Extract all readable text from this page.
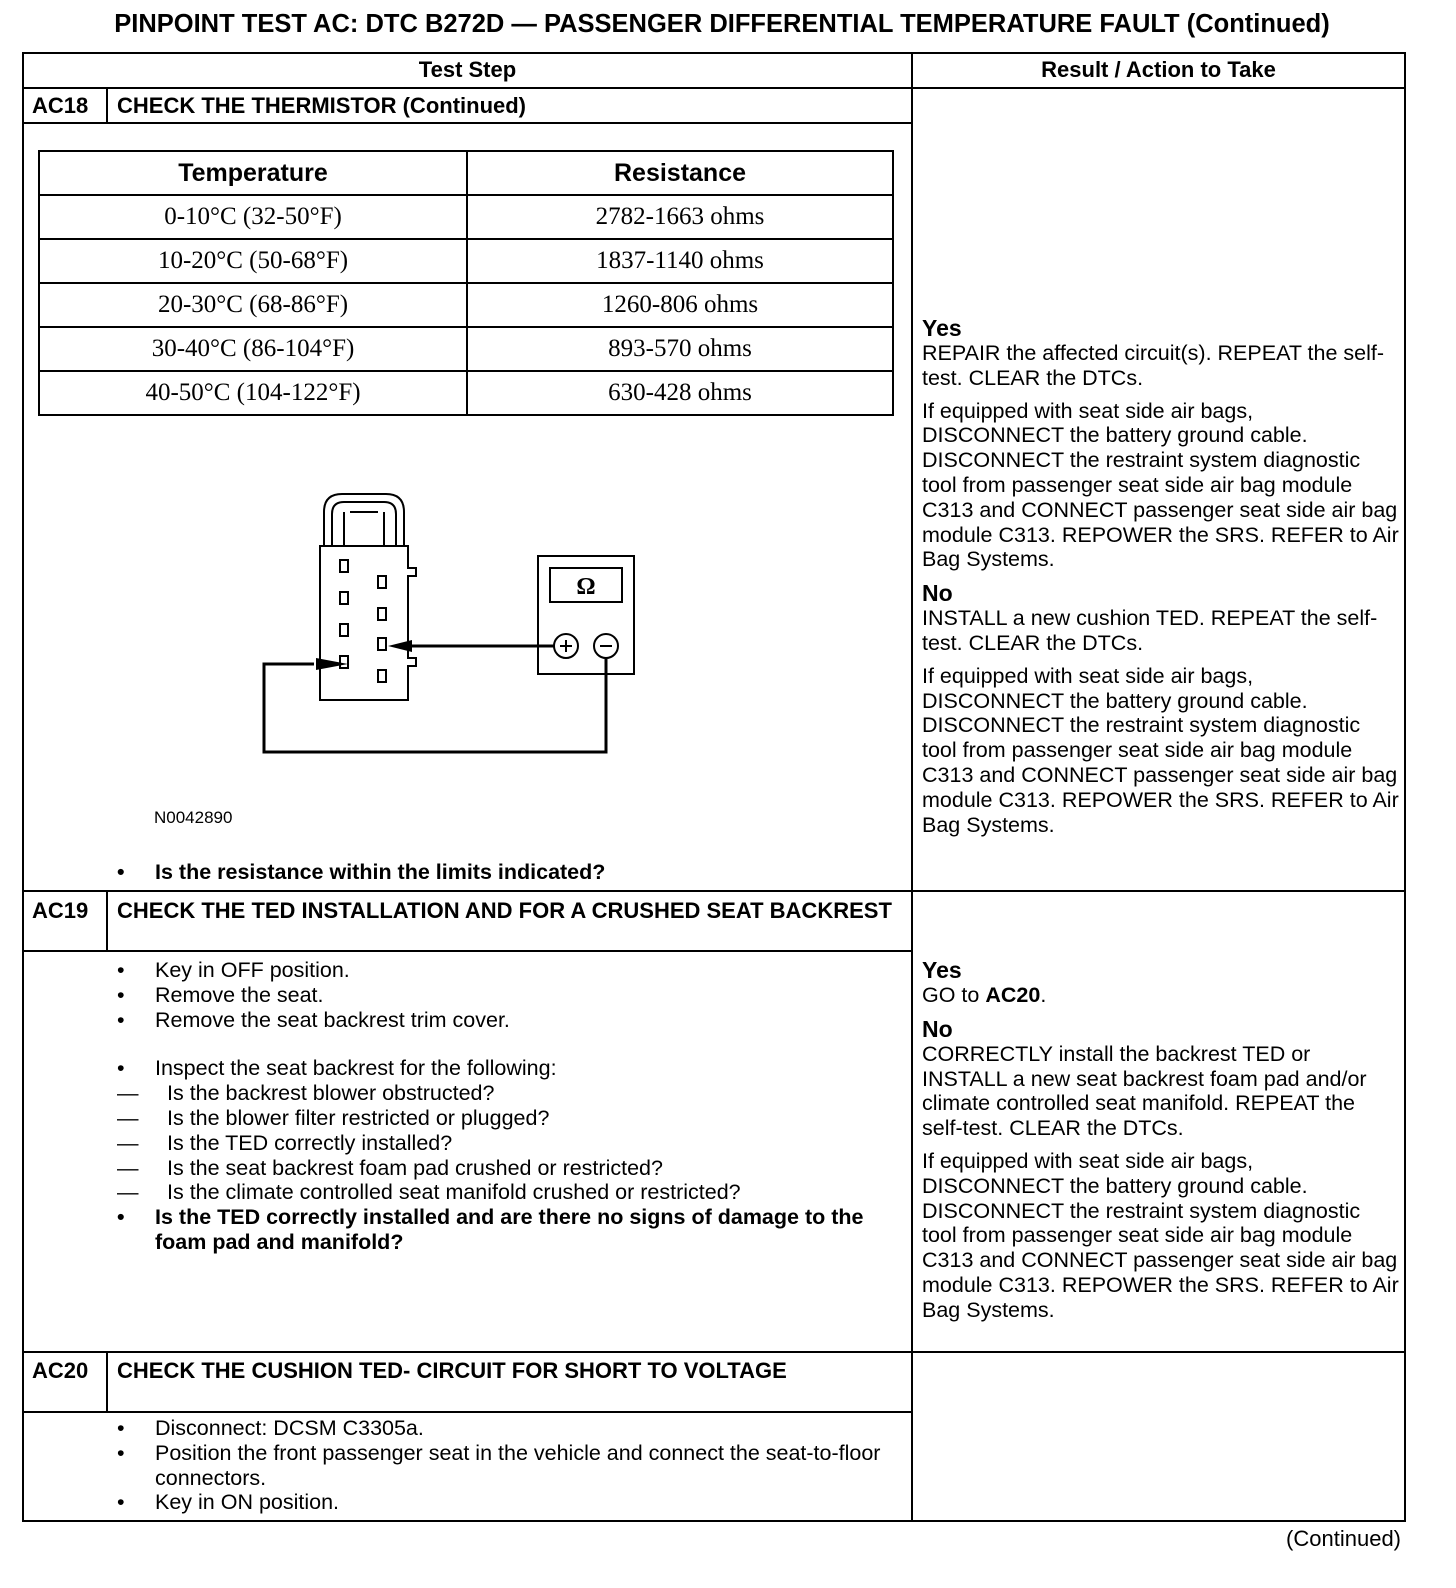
PINPOINT TEST AC: DTC B272D — PASSENGER DIFFERENTIAL TEMPERATURE FAULT (Continued)
Test Step	Result / Action to Take
AC18 CHECK THE THERMISTOR (Continued)
Temperature	Resistance
0-10°C (32-50°F)	2782-1663 ohms
10-20°C (50-68°F)	1837-1140 ohms
20-30°C (68-86°F)	1260-806 ohms
30-40°C (86-104°F)	893-570 ohms
40-50°C (104-122°F)	630-428 ohms
Ω
N0042890
• Is the resistance within the limits indicated?

Yes

REPAIR the affected circuit(s). REPEAT the self-test. CLEAR the DTCs.

If equipped with seat side air bags, DISCONNECT the battery ground cable. DISCONNECT the restraint system diagnostic tool from passenger seat side air bag module C313 and CONNECT passenger seat side air bag module C313. REPOWER the SRS. REFER to Air Bag Systems.

No

INSTALL a new cushion TED. REPEAT the self-test. CLEAR the DTCs.

If equipped with seat side air bags, DISCONNECT the battery ground cable. DISCONNECT the restraint system diagnostic tool from passenger seat side air bag module C313 and CONNECT passenger seat side air bag module C313. REPOWER the SRS. REFER to Air Bag Systems.

AC19 CHECK THE TED INSTALLATION AND FOR A CRUSHED SEAT BACKREST
• Key in OFF position.
• Remove the seat.
• Remove the seat backrest trim cover.
• Inspect the seat backrest for the following:
— Is the backrest blower obstructed?
— Is the blower filter restricted or plugged?
— Is the TED correctly installed?
— Is the seat backrest foam pad crushed or restricted?
— Is the climate controlled seat manifold crushed or restricted?
• Is the TED correctly installed and are there no signs of damage to the foam pad and manifold?

Yes

GO to AC20.

No

CORRECTLY install the backrest TED or INSTALL a new seat backrest foam pad and/or climate controlled seat manifold. REPEAT the self-test. CLEAR the DTCs.

If equipped with seat side air bags, DISCONNECT the battery ground cable. DISCONNECT the restraint system diagnostic tool from passenger seat side air bag module C313 and CONNECT passenger seat side air bag module C313. REPOWER the SRS. REFER to Air Bag Systems.

AC20 CHECK THE CUSHION TED- CIRCUIT FOR SHORT TO VOLTAGE
• Disconnect: DCSM C3305a.
• Position the front passenger seat in the vehicle and connect the seat-to-floor connectors.
• Key in ON position.
(Continued)
